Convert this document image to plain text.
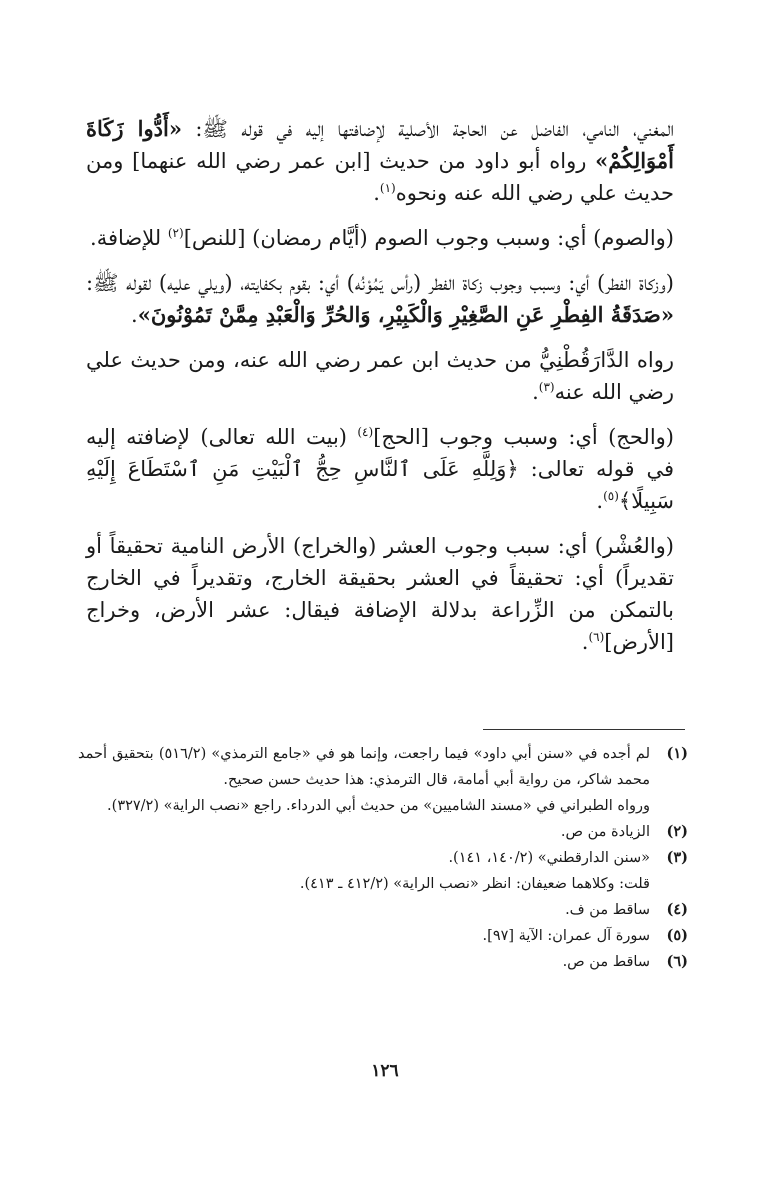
المغني، النامي، الفاضل عن الحاجة الأصلية لإضافتها إليه في قوله ﷺ: «أَدُّوا زَكَاةَ أَمْوَالِكُمْ» رواه أبو داود من حديث [ابن عمر رضي الله عنهما] ومن حديث علي رضي الله عنه ونحوه$^{(١)}$.

(والصوم) أي: وسبب وجوب الصوم (أيَّام رمضان) [للنص]$^{(٢)}$ للإضافة.

(وزكاة الفطر) أي: وسبب وجوب زكاة الفطر (رأس يَمُوْنُه) أي: بقوم بكفايته، (ويلي عليه) لقوله ﷺ: «صَدَقَةُ الفِطْرِ عَنِ الصَّغِيْرِ وَالْكَبِيْرِ، وَالحُرِّ وَالْعَبْدِ مِمَّنْ تَمُوْنُونَ».

رواه الدَّارَقُطْنِيُّ من حديث ابن عمر رضي الله عنه، ومن حديث علي رضي الله عنه$^{(٣)}$.

(والحج) أي: وسبب وجوب [الحج]$^{(٤)}$ (بيت الله تعالى) لإضافته إليه في قوله تعالى: ﴿وَلِلَّهِ عَلَى ٱلنَّاسِ حِجُّ ٱلْبَيْتِ مَنِ ٱسْتَطَاعَ إِلَيْهِ سَبِيلًا﴾$^{(٥)}$.

(والعُشْر) أي: سبب وجوب العشر (والخراج) الأرض النامية تحقيقاً أو تقديراً) أي: تحقيقاً في العشر بحقيقة الخارج، وتقديراً في الخارج بالتمكن من الزِّراعة بدلالة الإضافة فيقال: عشر الأرض، وخراج [الأرض]$^{(٦)}$.

(١)
لم أجده في «سنن أبي داود» فيما راجعت، وإنما هو في «جامع الترمذي» (٥١٦/٢) بتحقيق أحمد محمد شاكر، من رواية أبي أمامة، قال الترمذي: هذا حديث حسن صحيح.
ورواه الطبراني في «مسند الشاميين» من حديث أبي الدرداء. راجع «نصب الراية» (٣٢٧/٢).
(٢)
الزيادة من ص.
(٣)
«سنن الدارقطني» (١٤٠/٢، ١٤١).
قلت: وكلاهما ضعيفان: انظر «نصب الراية» (٤١٢/٢ ـ ٤١٣).
(٤)
ساقط من ف.
(٥)
سورة آل عمران: الآية [٩٧].
(٦)
ساقط من ص.
١٢٦
